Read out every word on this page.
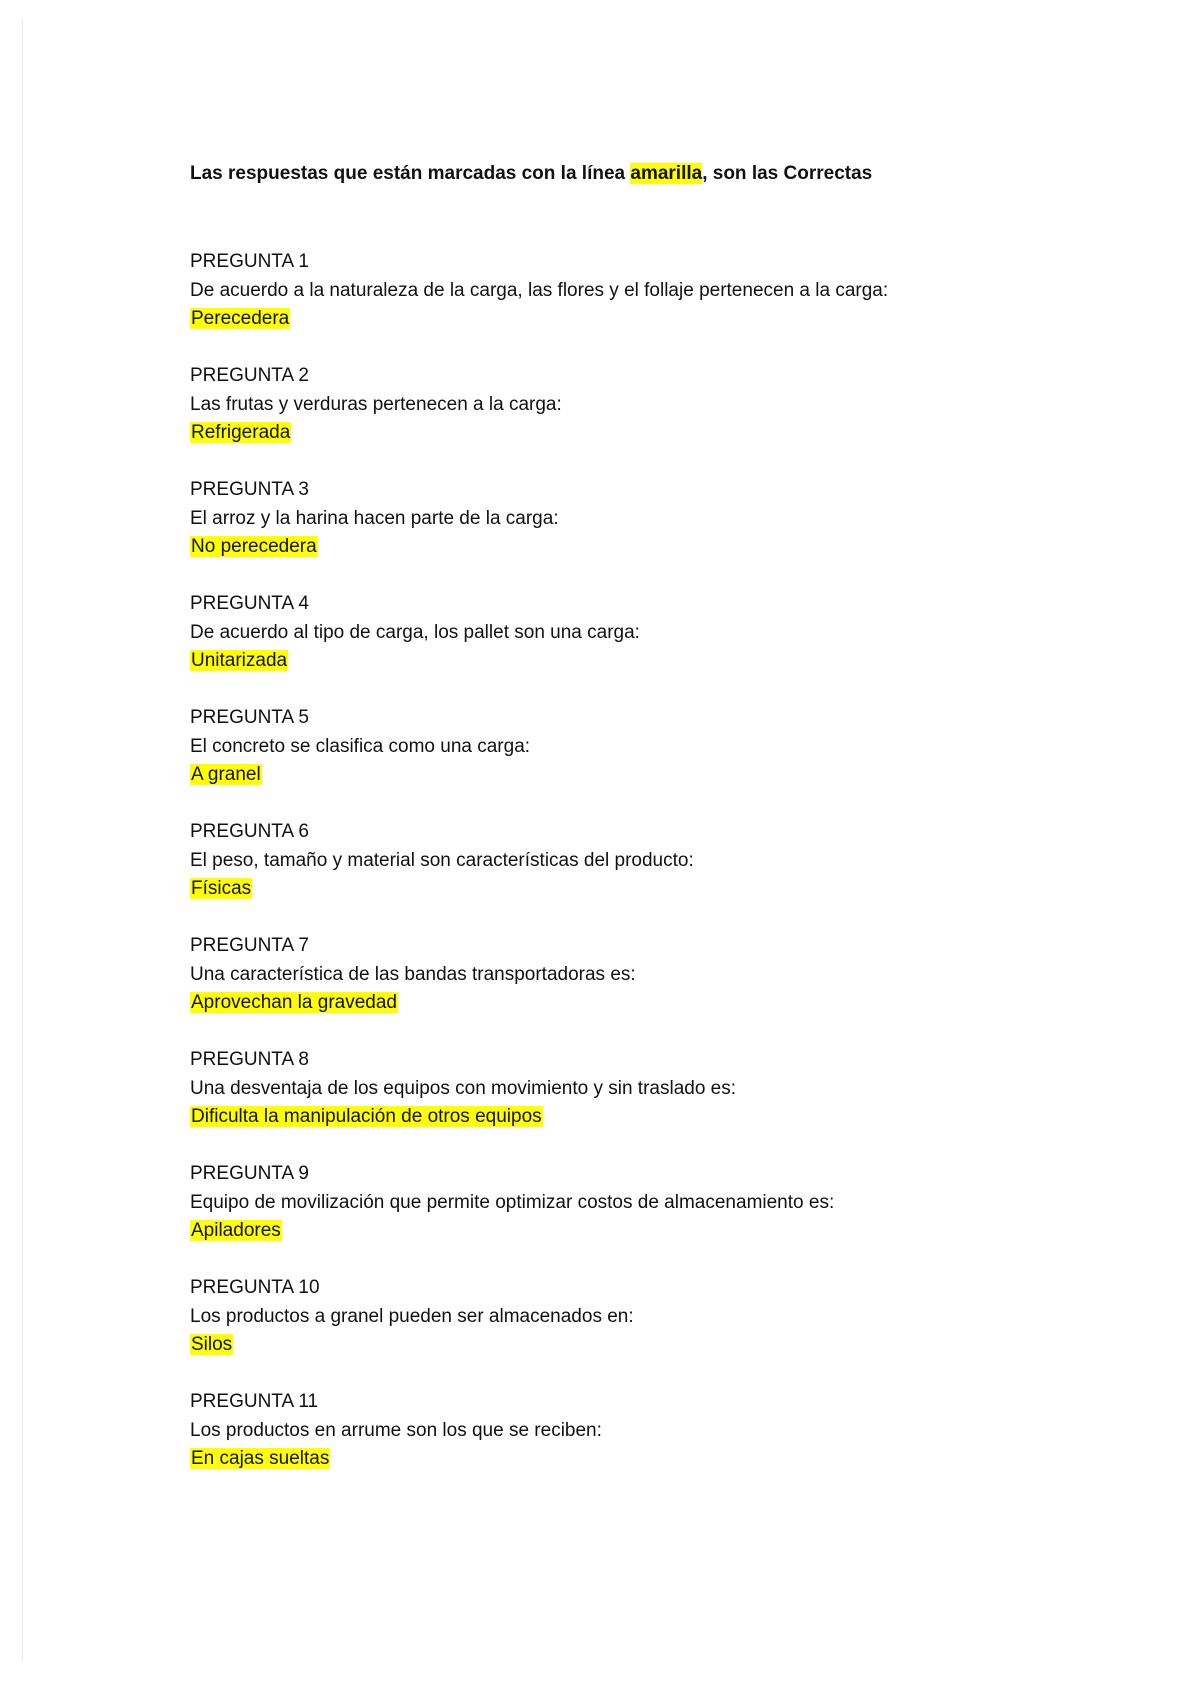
Las respuestas que están marcadas con la línea amarilla, son las Correctas
PREGUNTA 1
De acuerdo a la naturaleza de la carga, las flores y el follaje pertenecen a la carga:
Perecedera
PREGUNTA 2
Las frutas y verduras pertenecen a la carga:
Refrigerada
PREGUNTA 3
El arroz y la harina hacen parte de la carga:
No perecedera
PREGUNTA 4
De acuerdo al tipo de carga, los pallet son una carga:
Unitarizada
PREGUNTA 5
El concreto se clasifica como una carga:
A granel
PREGUNTA 6
El peso, tamaño y material son características del producto:
Físicas
PREGUNTA 7
Una característica de las bandas transportadoras es:
Aprovechan la gravedad
PREGUNTA 8
Una desventaja de los equipos con movimiento y sin traslado es:
Dificulta la manipulación de otros equipos
PREGUNTA 9
Equipo de movilización que permite optimizar costos de almacenamiento es:
Apiladores
PREGUNTA 10
Los productos a granel pueden ser almacenados en:
Silos
PREGUNTA 11
Los productos en arrume son los que se reciben:
En cajas sueltas
